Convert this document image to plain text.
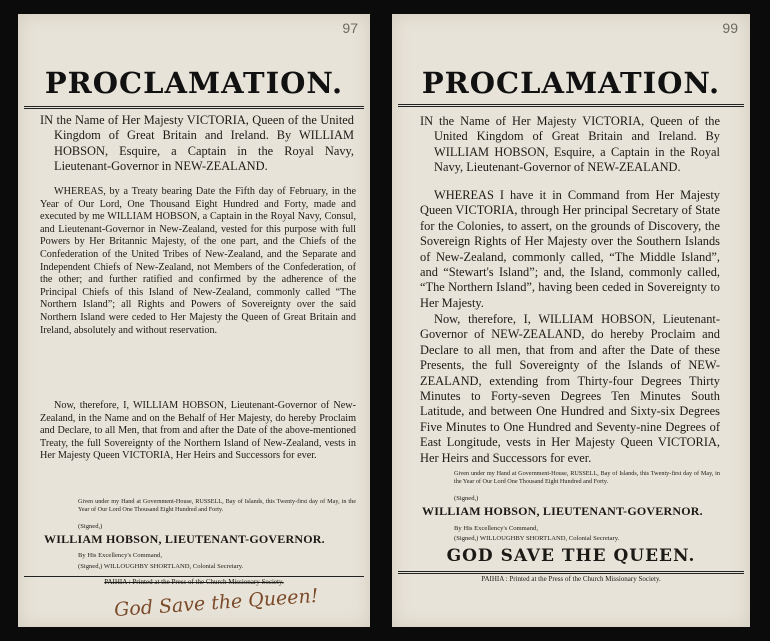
97
PROCLAMATION.
IN the Name of Her Majesty VICTORIA, Queen of the United Kingdom of Great Britain and Ireland. By WILLIAM HOBSON, Esquire, a Captain in the Royal Navy, Lieutenant-Governor in NEW-ZEALAND.
WHEREAS, by a Treaty bearing Date the Fifth day of February, in the Year of Our Lord, One Thousand Eight Hundred and Forty, made and executed by me WILLIAM HOBSON, a Captain in the Royal Navy, Consul, and Lieutenant-Governor in New-Zealand, vested for this purpose with full Powers by Her Britannic Majesty, of the one part, and the Chiefs of the Confederation of the United Tribes of New-Zealand, and the Separate and Independent Chiefs of New-Zealand, not Members of the Confederation, of the other; and further ratified and confirmed by the adherence of the Principal Chiefs of this Island of New-Zealand, commonly called “The Northern Island”; all Rights and Powers of Sovereignty over the said Northern Island were ceded to Her Majesty the Queen of Great Britain and Ireland, absolutely and without reservation.
Now, therefore, I, WILLIAM HOBSON, Lieutenant-Governor of New-Zealand, in the Name and on the Behalf of Her Majesty, do hereby Proclaim and Declare, to all Men, that from and after the Date of the above-mentioned Treaty, the full Sovereignty of the Northern Island of New-Zealand, vests in Her Majesty Queen VICTORIA, Her Heirs and Successors for ever.
Given under my Hand at Government-House, RUSSELL, Bay of Islands, this Twenty-first day of May, in the Year of Our Lord One Thousand Eight Hundred and Forty.
(Signed,)
WILLIAM HOBSON, LIEUTENANT-GOVERNOR.
By His Excellency's Command,
(Signed,) WILLOUGHBY SHORTLAND, Colonial Secretary.
PAIHIA : Printed at the Press of the Church Missionary Society.
God Save the Queen!
99
PROCLAMATION.
IN the Name of Her Majesty VICTORIA, Queen of the United Kingdom of Great Britain and Ireland. By WILLIAM HOBSON, Esquire, a Captain in the Royal Navy, Lieutenant-Governor of NEW-ZEALAND.
WHEREAS I have it in Command from Her Majesty Queen VICTORIA, through Her principal Secretary of State for the Colonies, to assert, on the grounds of Discovery, the Sovereign Rights of Her Majesty over the Southern Islands of New-Zealand, commonly called, “The Middle Island”, and “Stewart's Island”; and, the Island, commonly called, “The Northern Island”, having been ceded in Sovereignty to Her Majesty.
Now, therefore, I, WILLIAM HOBSON, Lieutenant-Governor of NEW-ZEALAND, do hereby Proclaim and Declare to all men, that from and after the Date of these Presents, the full Sovereignty of the Islands of NEW-ZEALAND, extending from Thirty-four Degrees Thirty Minutes to Forty-seven Degrees Ten Minutes South Latitude, and between One Hundred and Sixty-six Degrees Five Minutes to One Hundred and Seventy-nine Degrees of East Longitude, vests in Her Majesty Queen VICTORIA, Her Heirs and Successors for ever.
Given under my Hand at Government-House, RUSSELL, Bay of Islands, this Twenty-first day of May, in the Year of Our Lord One Thousand Eight Hundred and Forty.
(Signed,)
WILLIAM HOBSON, LIEUTENANT-GOVERNOR.
By His Excellency's Command,
(Signed,) WILLOUGHBY SHORTLAND, Colonial Secretary.
GOD SAVE THE QUEEN.
PAIHIA : Printed at the Press of the Church Missionary Society.
